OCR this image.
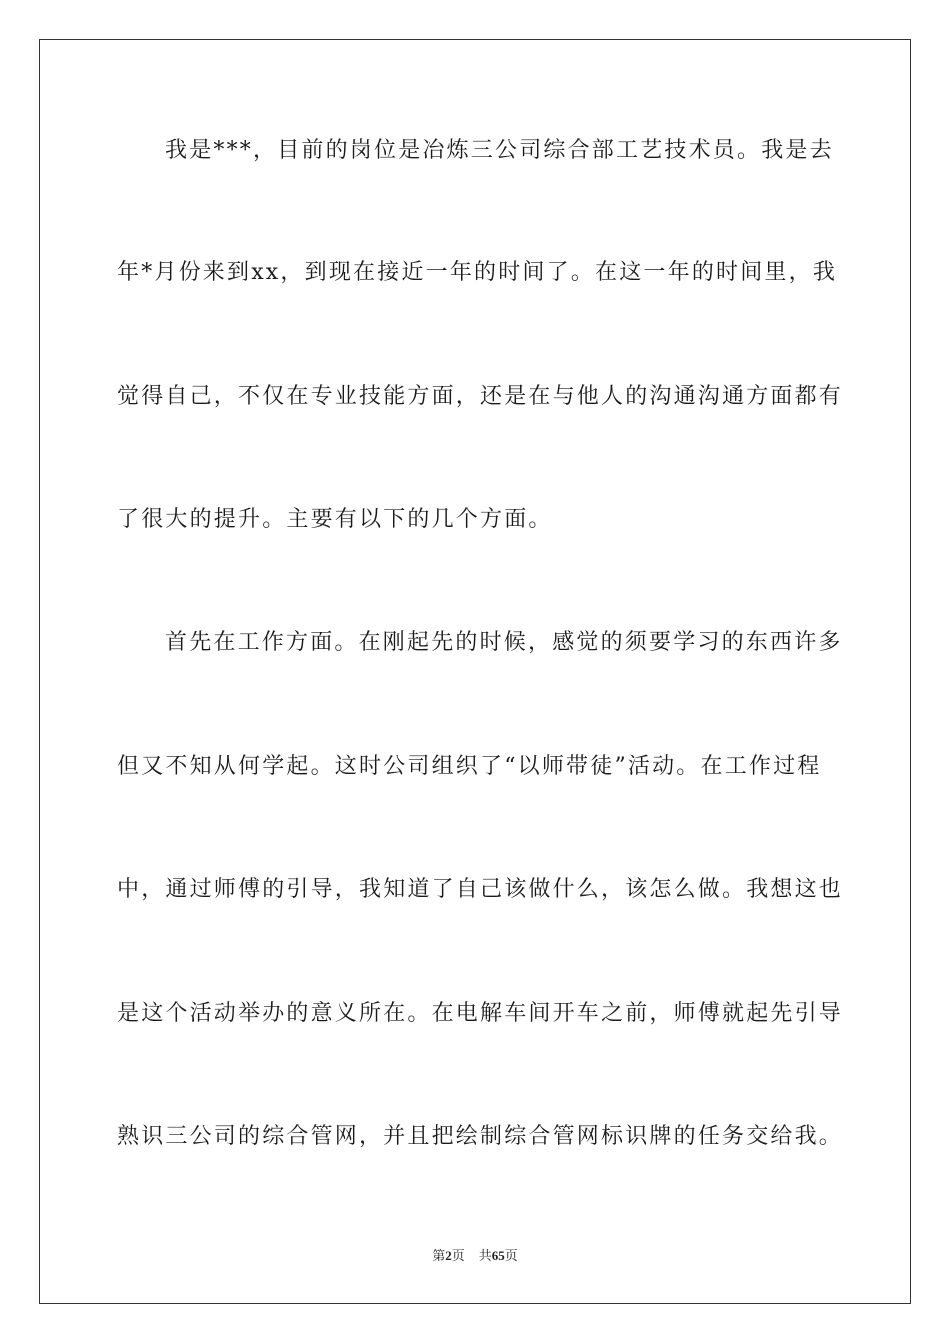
我是***，目前的岗位是冶炼三公司综合部工艺技术员。我是去
年*月份来到xx，到现在接近一年的时间了。在这一年的时间里，我
觉得自己，不仅在专业技能方面，还是在与他人的沟通沟通方面都有
了很大的提升。主要有以下的几个方面。
首先在工作方面。在刚起先的时候，感觉的须要学习的东西许多
但又不知从何学起。这时公司组织了“以师带徒”活动。在工作过程
中，通过师傅的引导，我知道了自己该做什么，该怎么做。我想这也
是这个活动举办的意义所在。在电解车间开车之前，师傅就起先引导
熟识三公司的综合管网，并且把绘制综合管网标识牌的任务交给我。
第2页 共65页
